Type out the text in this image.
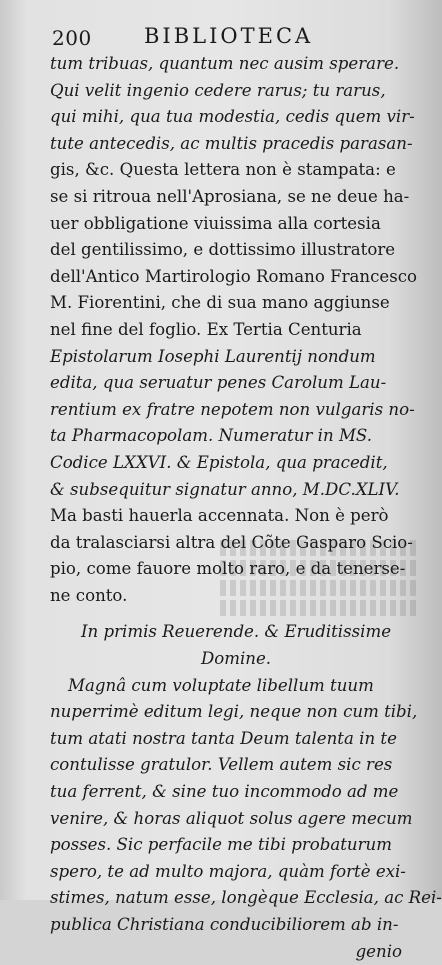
200 BIBLIOTECA
tum tribuas, quantum nec ausim sperare.
Qui velit ingenio cedere rarus; tu rarus,
qui mihi, qua tua modestia, cedis quem vir-
tute antecedis, ac multis pracedis parasan-
gis, &c. Questa lettera non è stampata: e
se si ritroua nell'Aprosiana, se ne deue ha-
uer obbligatione viuissima alla cortesia
del gentilissimo, e dottissimo illustratore
dell'Antico Martirologio Romano Francesco
M. Fiorentini, che di sua mano aggiunse
nel fine del foglio. Ex Tertia Centuria
Epistolarum Iosephi Laurentij nondum
edita, qua seruatur penes Carolum Lau-
rentium ex fratre nepotem non vulgaris no-
ta Pharmacopolam. Numeratur in MS.
Codice LXXVI. & Epistola, qua pracedit,
& subsequitur signatur anno, M.DC.XLIV.
Ma basti hauerla accennata. Non è però
da tralasciarsi altra del Cõte Gasparo Scio-
pio, come fauore molto raro, e da tenerse-
ne conto.
In primis Reuerende. & Eruditissime
Domine.
Magnâ cum voluptate libellum tuum
nuperrimè editum legi, neque non cum tibi,
tum atati nostra tanta Deum talenta in te
contulisse gratulor. Vellem autem sic res
tua ferrent, & sine tuo incommodo ad me
venire, & horas aliquot solus agere mecum
posses. Sic perfacile me tibi probaturum
spero, te ad multo majora, quàm fortè exi-
stimes, natum esse, longèque Ecclesia, ac Rei-
publica Christiana conducibiliorem ab in-
genio
